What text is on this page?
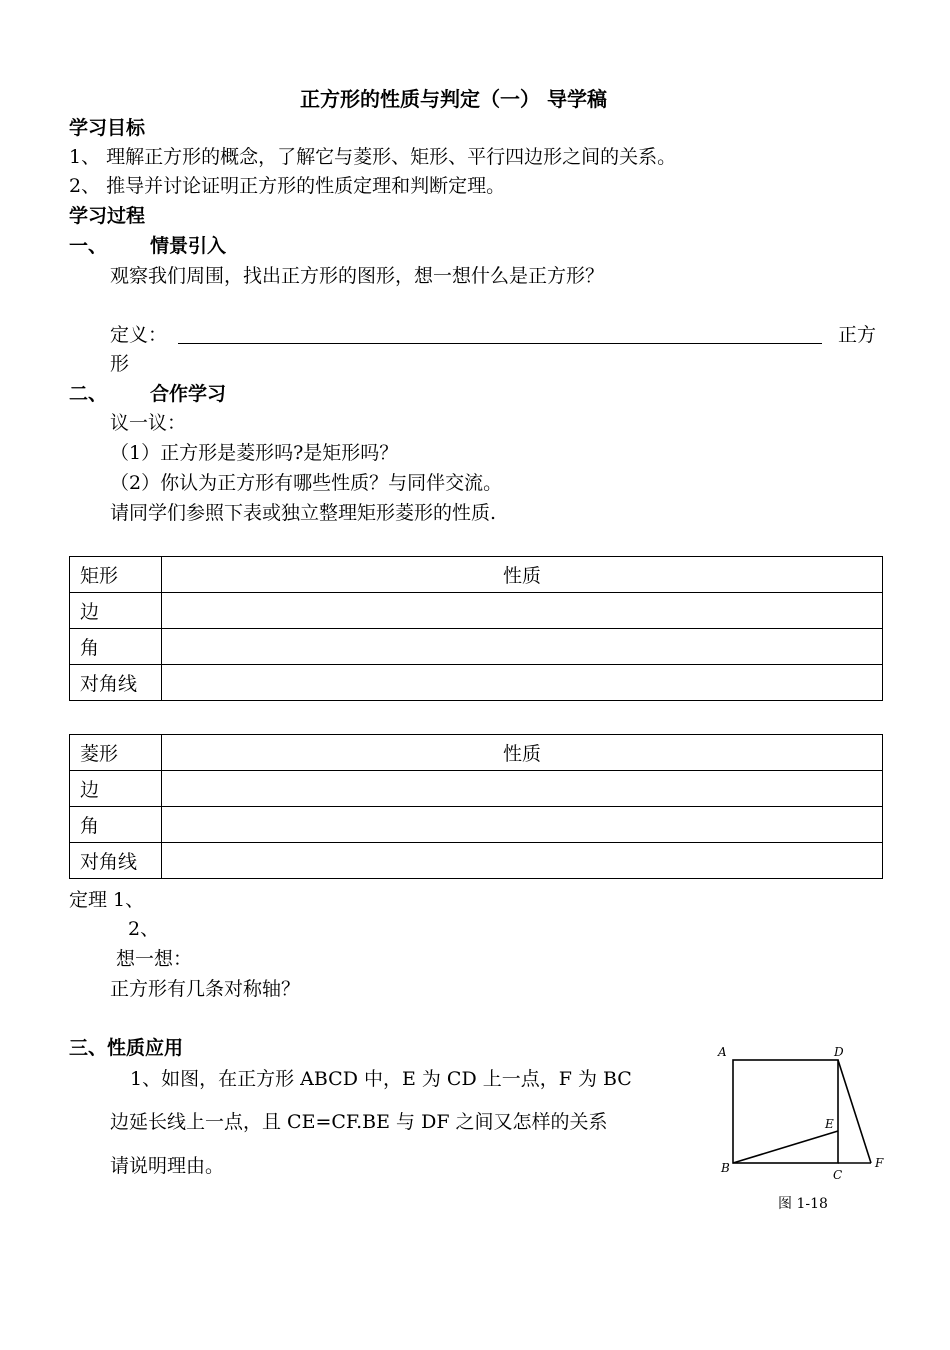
正方形的性质与判定（一） 导学稿
学习目标
1、 理解正方形的概念，了解它与菱形、矩形、平行四边形之间的关系。
2、 推导并讨论证明正方形的性质定理和判断定理。
学习过程
一、 情景引入
观察我们周围，找出正方形的图形，想一想什么是正方形？
定义：	正方
形
二、 合作学习
议一议：
（1）正方形是菱形吗?是矩形吗？
（2）你认为正方形有哪些性质？与同伴交流。
请同学们参照下表或独立整理矩形菱形的性质.
矩形	性质
边	
角	
对角线	
菱形	性质
边	
角	
对角线	
定理 1、
2、
想一想：
正方形有几条对称轴？
三、性质应用
1、如图，在正方形 ABCD 中，E 为 CD 上一点，F 为 BC
边延长线上一点，且 CE=CF.BE 与 DF 之间又怎样的关系
请说明理由。
A	D
E
B	C
F
图 1-18
